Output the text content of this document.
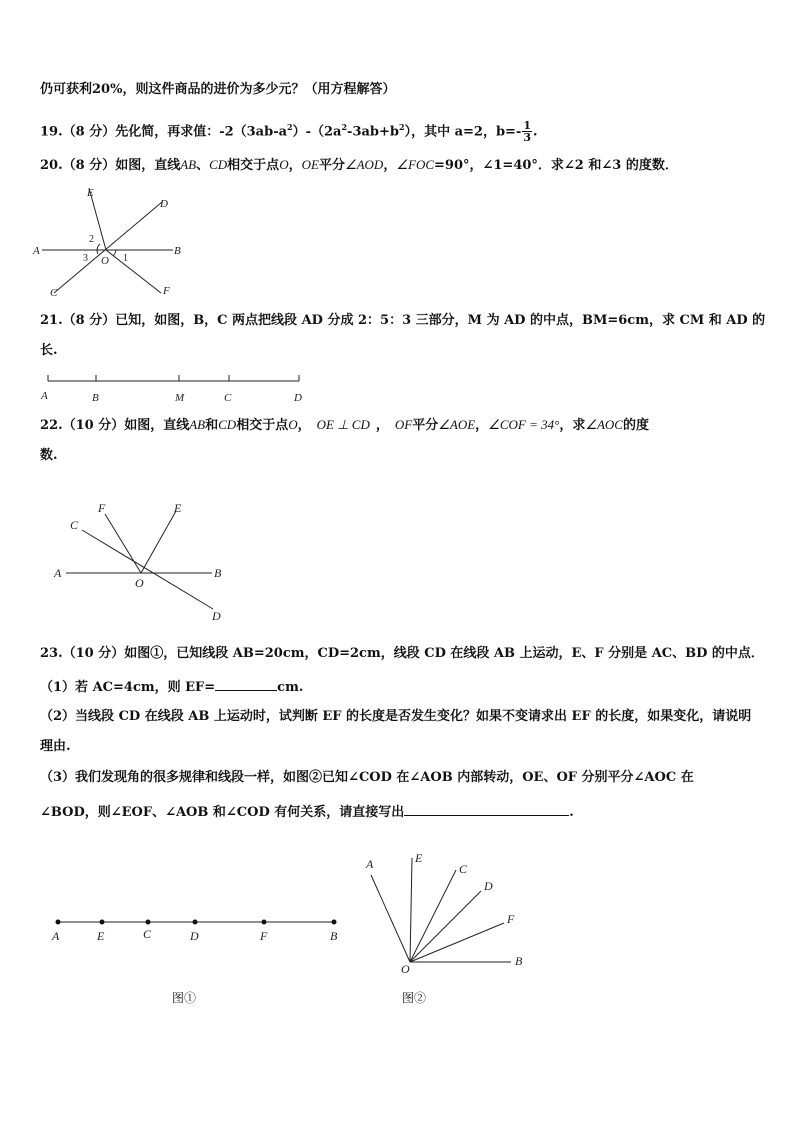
仍可获利20%，则这件商品的进价为多少元？（用方程解答）
19.（8 分）先化简，再求值：$-2(3ab-a^2)-(2a^2-3ab+b^2)$，其中 a=2，$b=- \frac{1}{3}$ .
20.（8 分）如图，直线AB、CD相交于点O，OE平分∠AOD，∠FOC=90°，∠1=40°．求∠2 和∠3 的度数．
E
D
A	B
C	F
O 1
2
3
21.（8 分）已知，如图，B，C 两点把线段 AD 分成 2：5：3 三部分，M 为 AD 的中点，BM=6cm，求 CM 和 AD 的
长.
A	B	M	C	D
22.（10 分）如图，直线AB和CD相交于点O， OE ⊥ CD ， OF平分∠AOE，∠COF = 34°，求∠AOC的度
数.
F	E
C
A
O
B
D
23.（10 分）如图①，已知线段 AB=20cm，CD=2cm，线段 CD 在线段 AB 上运动，E、F 分别是 AC、BD 的中点．
（1）若 AC=4cm，则 EF=	cm.
（2）当线段 CD 在线段 AB 上运动时，试判断 EF 的长度是否发生变化？如果不变请求出 EF 的长度，如果变化，请说明
理由.
（3）我们发现角的很多规律和线段一样，如图②已知∠COD 在∠AOB 内部转动，OE、OF 分别平分∠AOC 在
∠BOD，则∠EOF、∠AOB 和∠COD 有何关系，请直接写出	.
A	E	C	D	F	B
A	E
C
D
F
O
B
图①	图②
